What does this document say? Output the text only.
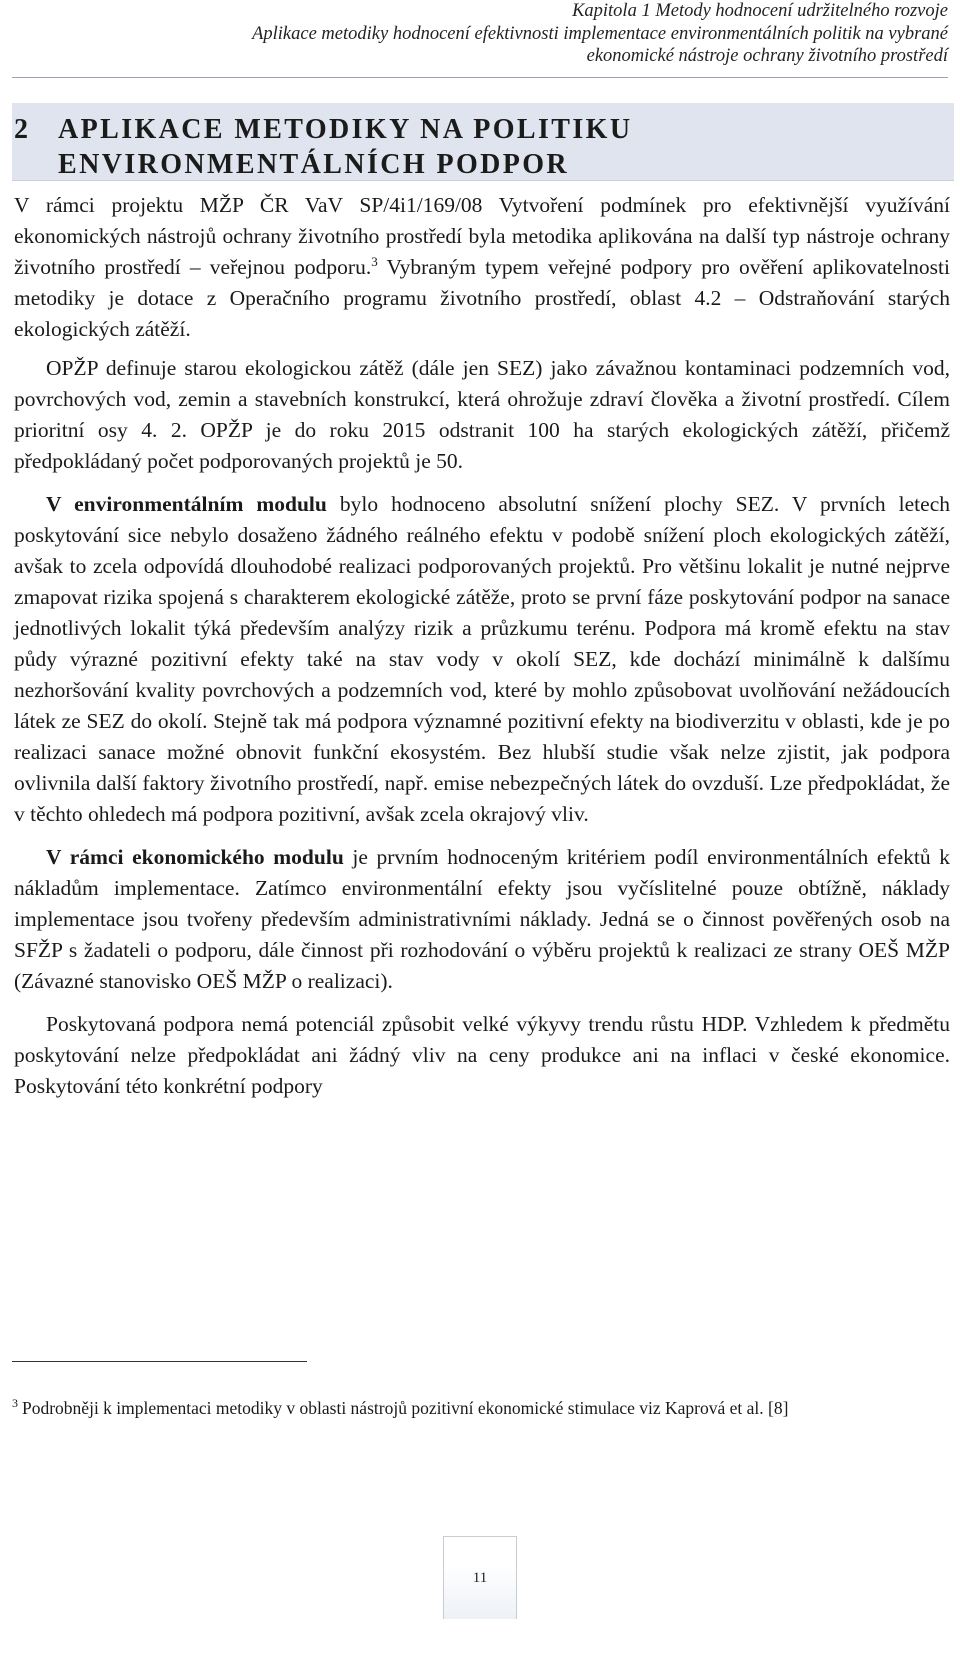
Kapitola 1 Metody hodnocení udržitelného rozvoje
Aplikace metodiky hodnocení efektivnosti implementace environmentálních politik na vybrané
ekonomické nástroje ochrany životního prostředí
2 APLIKACE METODIKY NA POLITIKU ENVIRONMENTÁLNÍCH PODPOR

V rámci projektu MŽP ČR VaV SP/4i1/169/08 Vytvoření podmínek pro efektivnější využívání ekonomických nástrojů ochrany životního prostředí byla metodika aplikována na další typ nástroje ochrany životního prostředí – veřejnou podporu.$^3$ Vybraným typem veřejné podpory pro ověření aplikovatelnosti metodiky je dotace z Operačního programu životního prostředí, oblast 4.2 – Odstraňování starých ekologických zátěží.

OPŽP definuje starou ekologickou zátěž (dále jen SEZ) jako závažnou kontaminaci podzemních vod, povrchových vod, zemin a stavebních konstrukcí, která ohrožuje zdraví člověka a životní prostředí. Cílem prioritní osy 4. 2. OPŽP je do roku 2015 odstranit 100 ha starých ekologických zátěží, přičemž předpokládaný počet podporovaných projektů je 50.

V environmentálním modulu bylo hodnoceno absolutní snížení plochy SEZ. V prvních letech poskytování sice nebylo dosaženo žádného reálného efektu v podobě snížení ploch ekologických zátěží, avšak to zcela odpovídá dlouhodobé realizaci podporovaných projektů. Pro většinu lokalit je nutné nejprve zmapovat rizika spojená s charakterem ekologické zátěže, proto se první fáze poskytování podpor na sanace jednotlivých lokalit týká především analýzy rizik a průzkumu terénu. Podpora má kromě efektu na stav půdy výrazné pozitivní efekty také na stav vody v okolí SEZ, kde dochází minimálně k dalšímu nezhoršování kvality povrchových a podzemních vod, které by mohlo způsobovat uvolňování nežádoucích látek ze SEZ do okolí. Stejně tak má podpora významné pozitivní efekty na biodiverzitu v oblasti, kde je po realizaci sanace možné obnovit funkční ekosystém. Bez hlubší studie však nelze zjistit, jak podpora ovlivnila další faktory životního prostředí, např. emise nebezpečných látek do ovzduší. Lze předpokládat, že v těchto ohledech má podpora pozitivní, avšak zcela okrajový vliv.

V rámci ekonomického modulu je prvním hodnoceným kritériem podíl environmentálních efektů k nákladům implementace. Zatímco environmentální efekty jsou vyčíslitelné pouze obtížně, náklady implementace jsou tvořeny především administrativními náklady. Jedná se o činnost pověřených osob na SFŽP s žadateli o podporu, dále činnost při rozhodování o výběru projektů k realizaci ze strany OEŠ MŽP (Závazné stanovisko OEŠ MŽP o realizaci).

Poskytovaná podpora nemá potenciál způsobit velké výkyvy trendu růstu HDP. Vzhledem k předmětu poskytování nelze předpokládat ani žádný vliv na ceny produkce ani na inflaci v české ekonomice. Poskytování této konkrétní podpory

$^3$ Podrobněji k implementaci metodiky v oblasti nástrojů pozitivní ekonomické stimulace viz Kaprová et al. [8]

11
